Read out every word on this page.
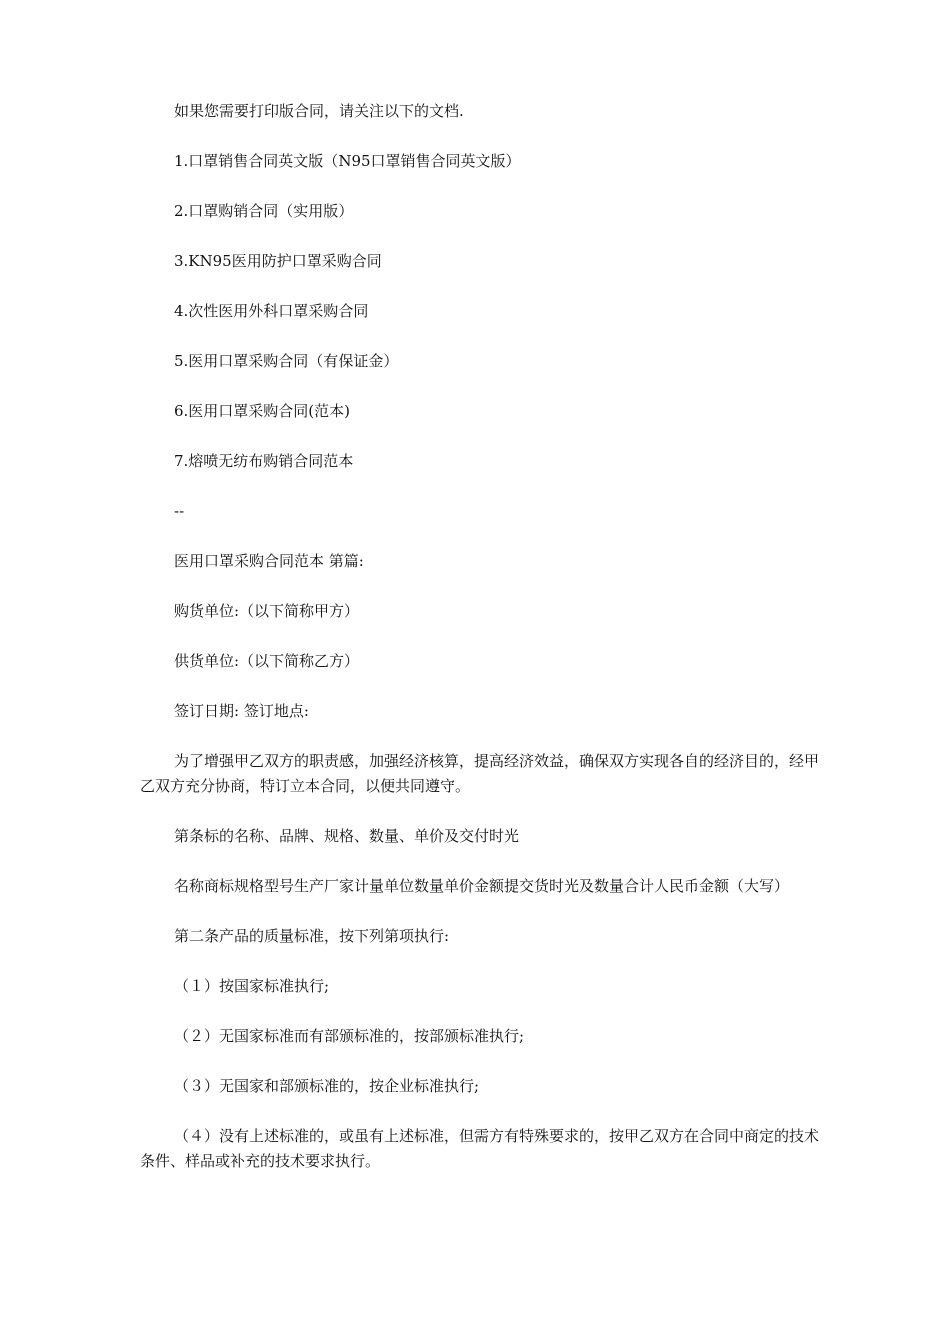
如果您需要打印版合同，请关注以下的文档.

1.口罩销售合同英文版（N95口罩销售合同英文版）

2.口罩购销合同（实用版）

3.KN95医用防护口罩采购合同

4.次性医用外科口罩采购合同

5.医用口罩采购合同（有保证金）

6.医用口罩采购合同(范本)

7.熔喷无纺布购销合同范本

--

医用口罩采购合同范本 第篇:

购货单位:（以下简称甲方）

供货单位:（以下简称乙方）

签订日期: 签订地点:

为了增强甲乙双方的职责感，加强经济核算，提高经济效益，确保双方实现各自的经济目的，经甲乙双方充分协商，特订立本合同，以便共同遵守。

第条标的名称、品牌、规格、数量、单价及交付时光

名称商标规格型号生产厂家计量单位数量单价金额提交货时光及数量合计人民币金额（大写）

第二条产品的质量标准，按下列第项执行:

（１）按国家标准执行;

（２）无国家标准而有部颁标准的，按部颁标准执行;

（３）无国家和部颁标准的，按企业标准执行;

（４）没有上述标准的，或虽有上述标准，但需方有特殊要求的，按甲乙双方在合同中商定的技术条件、样品或补充的技术要求执行。
